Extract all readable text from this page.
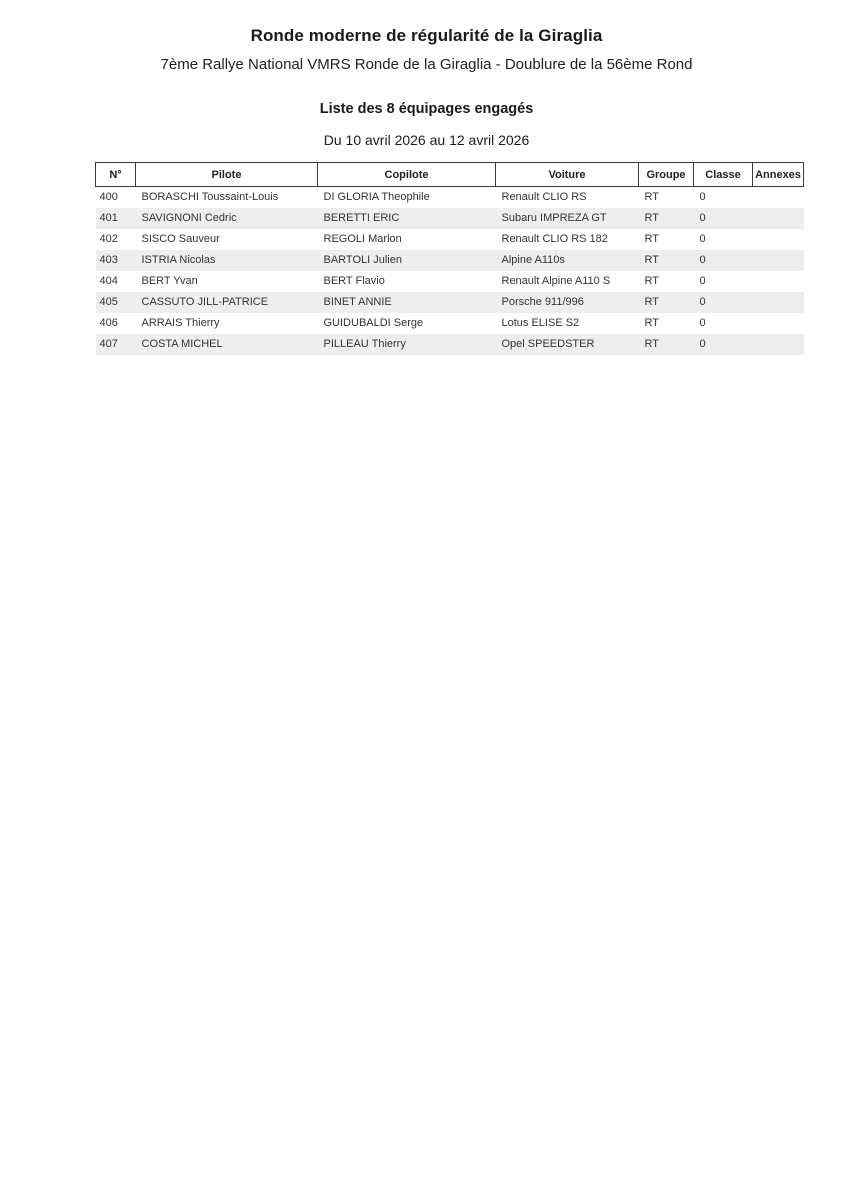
Ronde moderne de régularité de la Giraglia
7ème Rallye National VMRS Ronde de la Giraglia - Doublure de la 56ème Rond
Liste des 8 équipages engagés
Du 10 avril 2026 au 12 avril 2026
N°	Pilote	Copilote	Voiture	Groupe	Classe	Annexes
400	BORASCHI Toussaint-Louis	DI GLORIA Theophile	Renault CLIO RS	RT	0	
401	SAVIGNONI Cedric	BERETTI ERIC	Subaru IMPREZA GT	RT	0	
402	SISCO Sauveur	REGOLI Marlon	Renault CLIO RS 182	RT	0	
403	ISTRIA Nicolas	BARTOLI Julien	Alpine A110s	RT	0	
404	BERT Yvan	BERT Flavio	Renault Alpine A110 S	RT	0	
405	CASSUTO JILL-PATRICE	BINET ANNIE	Porsche 911/996	RT	0	
406	ARRAIS Thierry	GUIDUBALDI Serge	Lotus ELISE S2	RT	0	
407	COSTA MICHEL	PILLEAU Thierry	Opel SPEEDSTER	RT	0	
